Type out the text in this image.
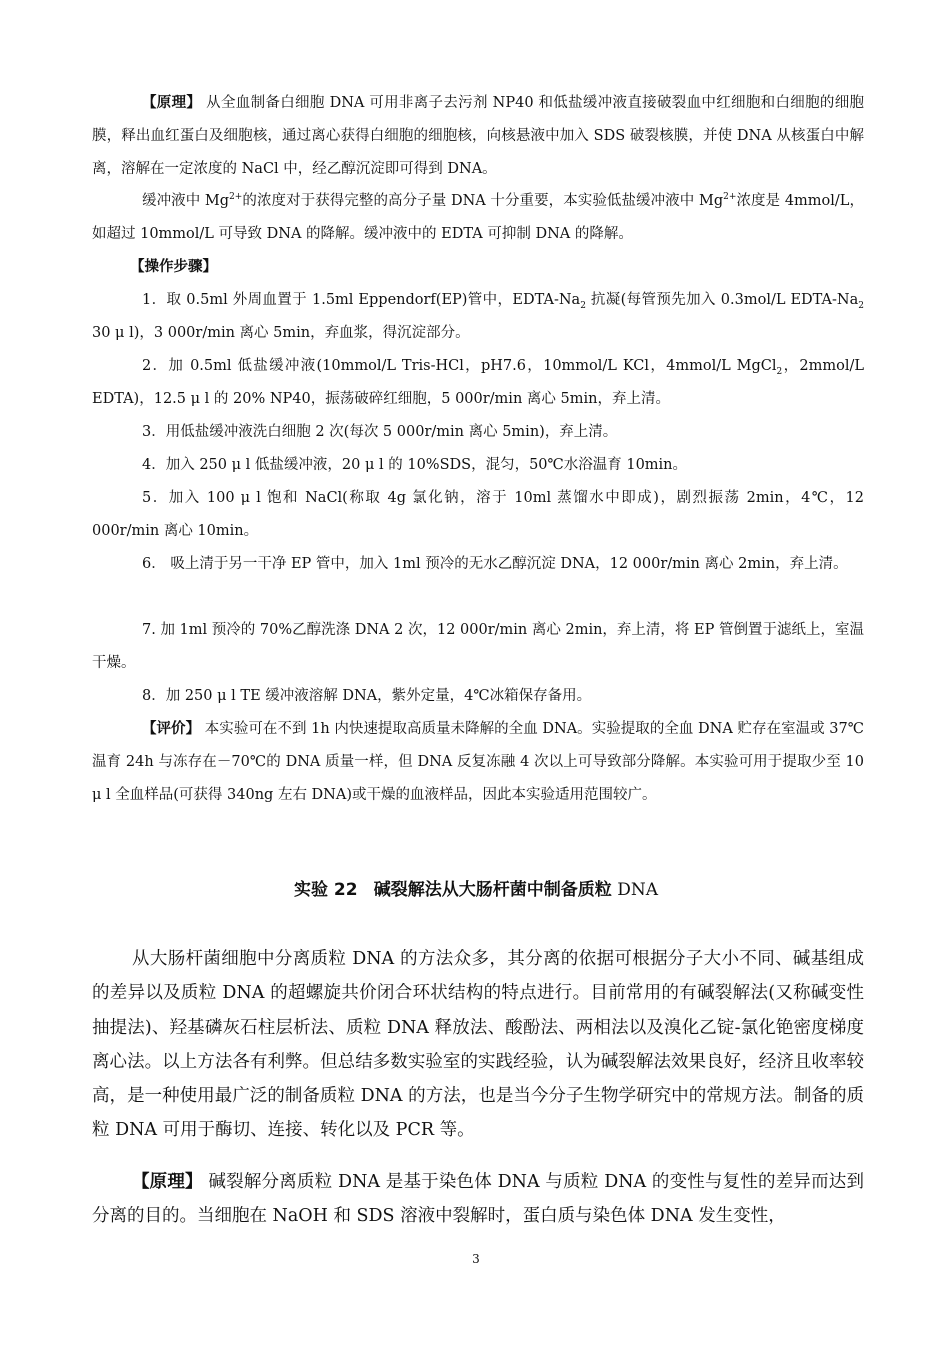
【原理】 从全血制备白细胞 DNA 可用非离子去污剂 NP40 和低盐缓冲液直接破裂血中红细胞和白细胞的细胞膜，释出血红蛋白及细胞核，通过离心获得白细胞的细胞核，向核悬液中加入 SDS 破裂核膜，并使 DNA 从核蛋白中解离，溶解在一定浓度的 NaCl 中，经乙醇沉淀即可得到 DNA。

缓冲液中 $Mg^{2+}$的浓度对于获得完整的高分子量 DNA 十分重要，本实验低盐缓冲液中 $Mg^{2+}$浓度是 4mmol/L，如超过 10mmol/L 可导致 DNA 的降解。缓冲液中的 EDTA 可抑制 DNA 的降解。

【操作步骤】

1．取 0.5ml 外周血置于 1.5ml Eppendorf(EP)管中，EDTA-$Na_2$ 抗凝(每管预先加入 0.3mol/L EDTA-$Na_2$ 30 μ l)，3 000r/min 离心 5min，弃血浆，得沉淀部分。

2．加 0.5ml 低盐缓冲液(10mmol/L Tris-HCl，pH7.6，10mmol/L KCl，4mmol/L MgCl$_2$，2mmol/L EDTA)，12.5 μ l 的 20% NP40，振荡破碎红细胞，5 000r/min 离心 5min，弃上清。

3．用低盐缓冲液洗白细胞 2 次(每次 5 000r/min 离心 5min)，弃上清。

4．加入 250 μ l 低盐缓冲液，20 μ l 的 10%SDS，混匀，50℃水浴温育 10min。

5．加入 100 μ l 饱和 NaCl(称取 4g 氯化钠，溶于 10ml 蒸馏水中即成)，剧烈振荡 2min，4℃，12 000r/min 离心 10min。

6． 吸上清于另一干净 EP 管中，加入 1ml 预冷的无水乙醇沉淀 DNA，12 000r/min 离心 2min，弃上清。

7. 加 1ml 预冷的 70%乙醇洗涤 DNA 2 次，12 000r/min 离心 2min，弃上清，将 EP 管倒置于滤纸上，室温干燥。

8．加 250 μ l TE 缓冲液溶解 DNA，紫外定量，4℃冰箱保存备用。

【评价】 本实验可在不到 1h 内快速提取高质量未降解的全血 DNA。实验提取的全血 DNA 贮存在室温或 37℃温育 24h 与冻存在－70℃的 DNA 质量一样，但 DNA 反复冻融 4 次以上可导致部分降解。本实验可用于提取少至 10 μ l 全血样品(可获得 340ng 左右 DNA)或干燥的血液样品，因此本实验适用范围较广。

实验 22 碱裂解法从大肠杆菌中制备质粒 DNA

从大肠杆菌细胞中分离质粒 DNA 的方法众多，其分离的依据可根据分子大小不同、碱基组成的差异以及质粒 DNA 的超螺旋共价闭合环状结构的特点进行。目前常用的有碱裂解法(又称碱变性抽提法)、羟基磷灰石柱层析法、质粒 DNA 释放法、酸酚法、两相法以及溴化乙锭-氯化铯密度梯度离心法。以上方法各有利弊。但总结多数实验室的实践经验，认为碱裂解法效果良好，经济且收率较高，是一种使用最广泛的制备质粒 DNA 的方法，也是当今分子生物学研究中的常规方法。制备的质粒 DNA 可用于酶切、连接、转化以及 PCR 等。

【原理】 碱裂解分离质粒 DNA 是基于染色体 DNA 与质粒 DNA 的变性与复性的差异而达到分离的目的。当细胞在 NaOH 和 SDS 溶液中裂解时，蛋白质与染色体 DNA 发生变性，

3
